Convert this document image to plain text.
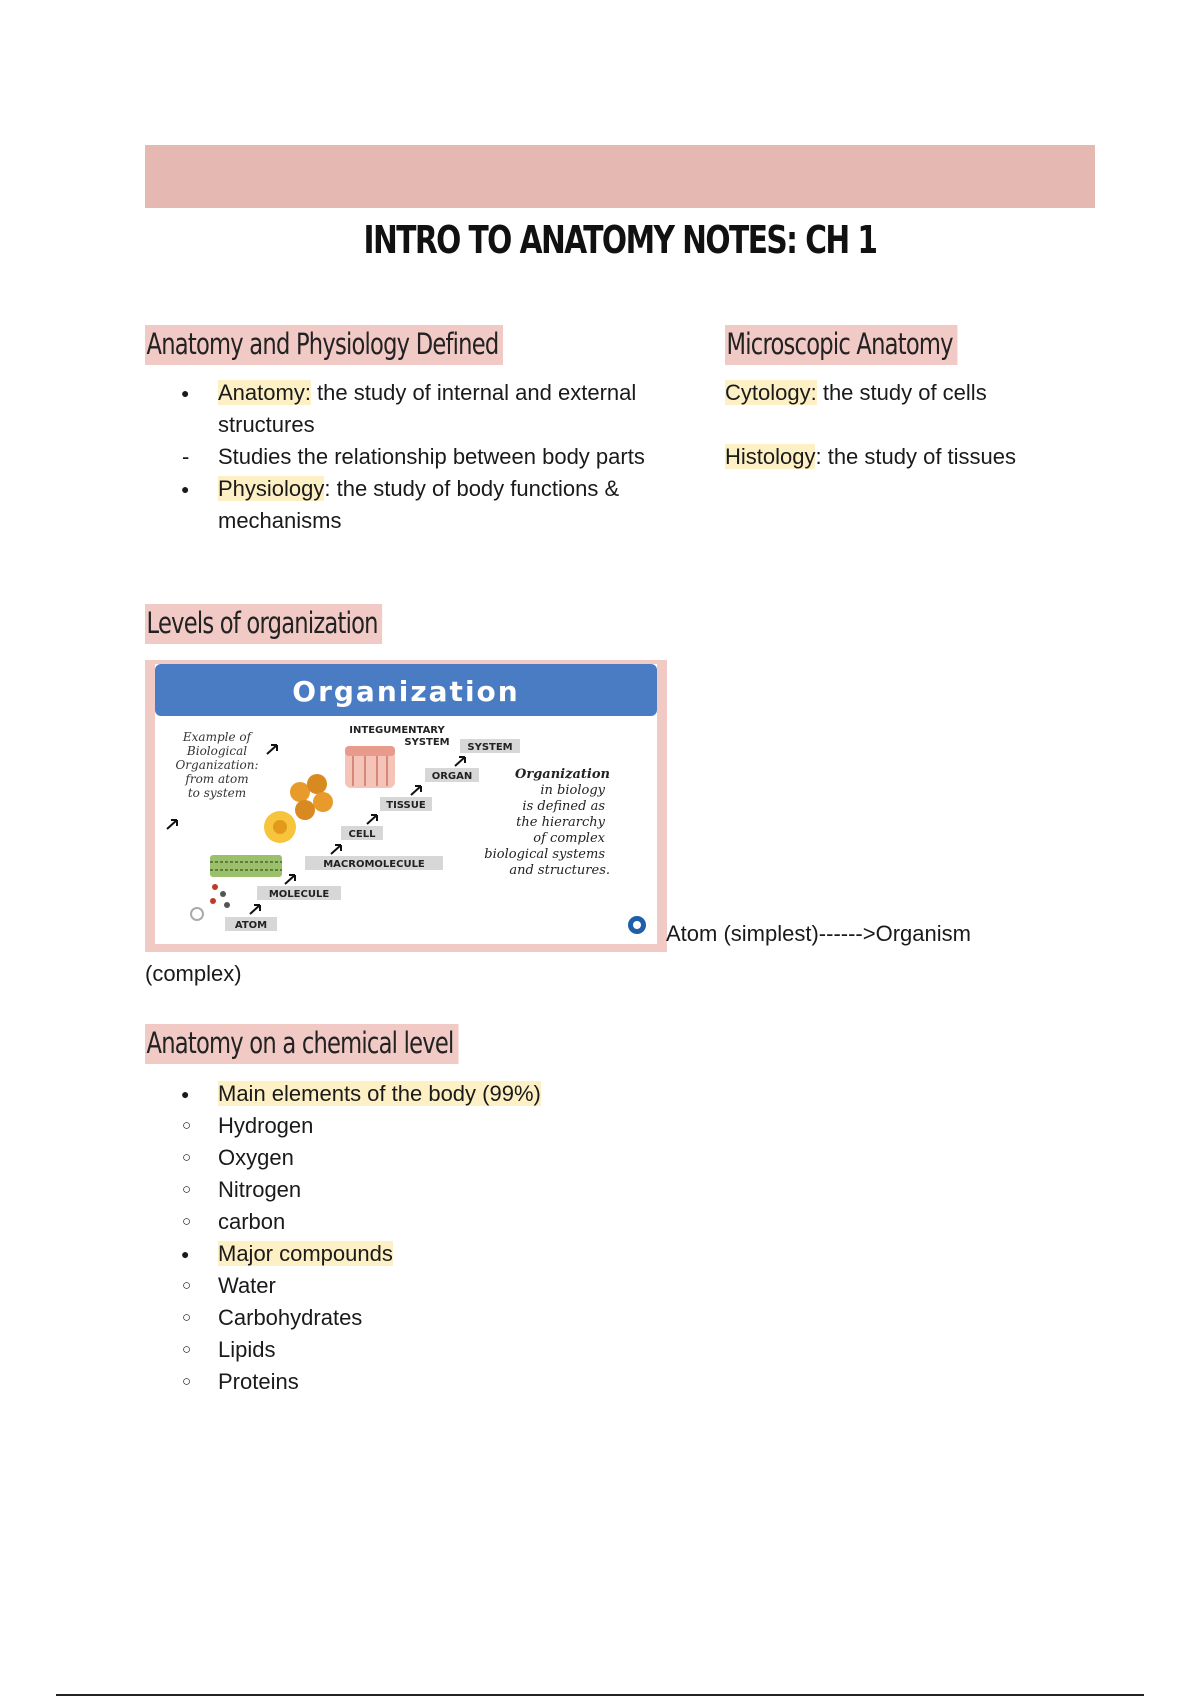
INTRO TO ANATOMY NOTES: CH 1
Anatomy and Physiology Defined
● Anatomy: the study of internal and external structures
- Studies the relationship between body parts
● Physiology: the study of body functions & mechanisms
Microscopic Anatomy
Cytology: the study of cells
Histology: the study of tissues
Levels of organization
Organization
Example of
Biological
Organization:
from atom
to system
INTEGUMENTARY
SYSTEM SYSTEM
ORGAN
TISSUE
CELL
MACROMOLECULE
MOLECULE
ATOM
Organization
in biology
is defined as
the hierarchy
of complex
biological systems
and structures.
Atom (simplest)------>Organism
(complex)
Anatomy on a chemical level
● Main elements of the body (99%)
○ Hydrogen
○ Oxygen
○ Nitrogen
○ carbon
● Major compounds
○ Water
○ Carbohydrates
○ Lipids
○ Proteins
